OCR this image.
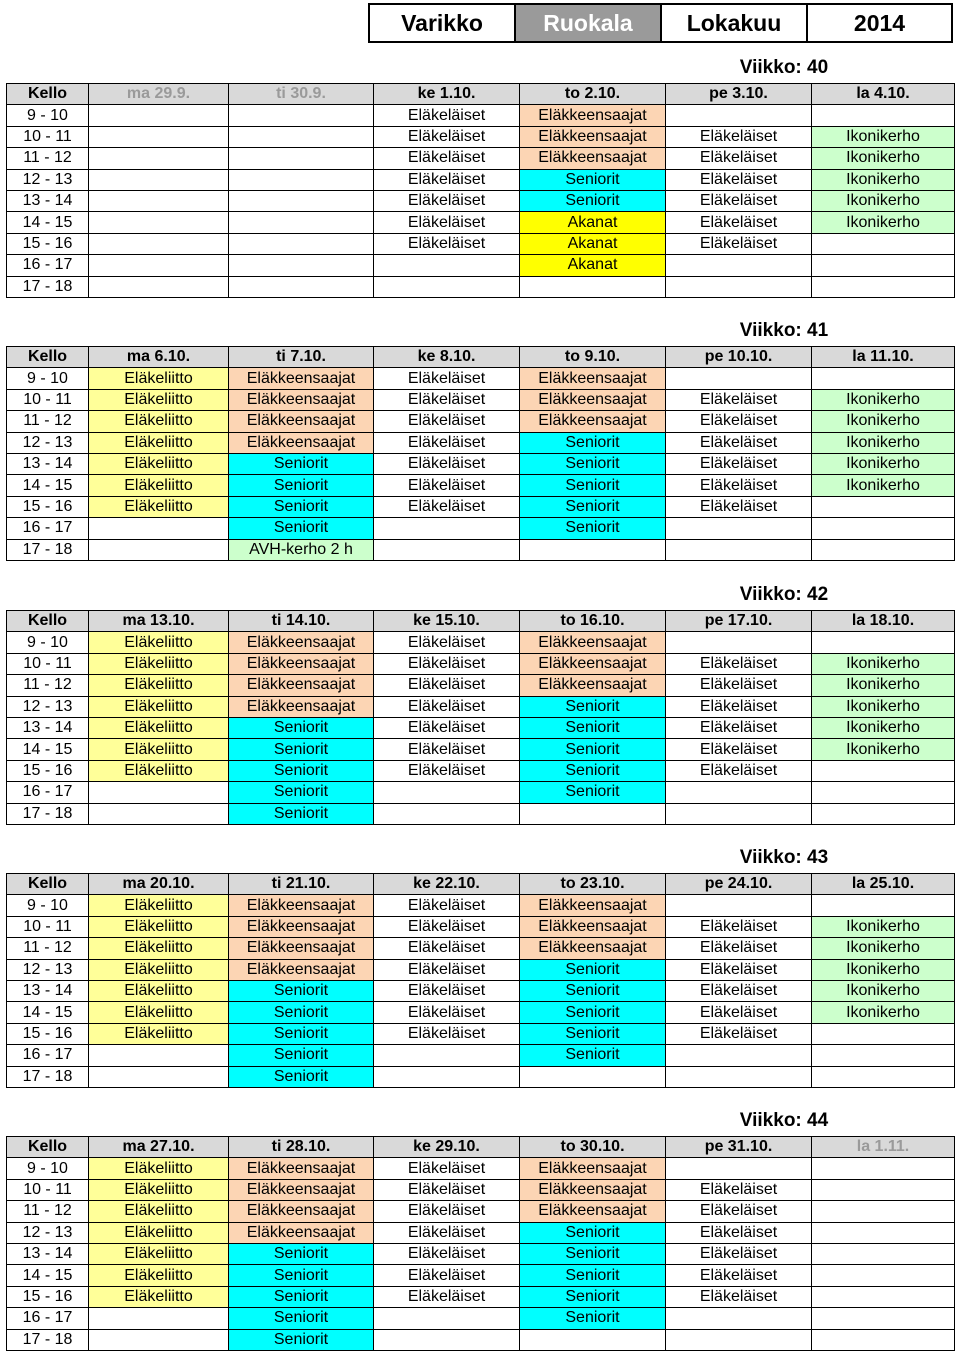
Varikko	Ruokala	Lokakuu	2014
Viikko: 40
Kello	ma 29.9.	ti 30.9.	ke 1.10.	to 2.10.	pe 3.10.	la 4.10.
9 - 10			Eläkeläiset	Eläkkeensaajat		
10 - 11			Eläkeläiset	Eläkkeensaajat	Eläkeläiset	Ikonikerho
11 - 12			Eläkeläiset	Eläkkeensaajat	Eläkeläiset	Ikonikerho
12 - 13			Eläkeläiset	Seniorit	Eläkeläiset	Ikonikerho
13 - 14			Eläkeläiset	Seniorit	Eläkeläiset	Ikonikerho
14 - 15			Eläkeläiset	Akanat	Eläkeläiset	Ikonikerho
15 - 16			Eläkeläiset	Akanat	Eläkeläiset	
16 - 17				Akanat		
17 - 18						
Viikko: 41
Kello	ma 6.10.	ti 7.10.	ke 8.10.	to 9.10.	pe 10.10.	la 11.10.
9 - 10	Eläkeliitto	Eläkkeensaajat	Eläkeläiset	Eläkkeensaajat		
10 - 11	Eläkeliitto	Eläkkeensaajat	Eläkeläiset	Eläkkeensaajat	Eläkeläiset	Ikonikerho
11 - 12	Eläkeliitto	Eläkkeensaajat	Eläkeläiset	Eläkkeensaajat	Eläkeläiset	Ikonikerho
12 - 13	Eläkeliitto	Eläkkeensaajat	Eläkeläiset	Seniorit	Eläkeläiset	Ikonikerho
13 - 14	Eläkeliitto	Seniorit	Eläkeläiset	Seniorit	Eläkeläiset	Ikonikerho
14 - 15	Eläkeliitto	Seniorit	Eläkeläiset	Seniorit	Eläkeläiset	Ikonikerho
15 - 16	Eläkeliitto	Seniorit	Eläkeläiset	Seniorit	Eläkeläiset	
16 - 17		Seniorit		Seniorit		
17 - 18		AVH-kerho 2 h				
Viikko: 42
Kello	ma 13.10.	ti 14.10.	ke 15.10.	to 16.10.	pe 17.10.	la 18.10.
9 - 10	Eläkeliitto	Eläkkeensaajat	Eläkeläiset	Eläkkeensaajat		
10 - 11	Eläkeliitto	Eläkkeensaajat	Eläkeläiset	Eläkkeensaajat	Eläkeläiset	Ikonikerho
11 - 12	Eläkeliitto	Eläkkeensaajat	Eläkeläiset	Eläkkeensaajat	Eläkeläiset	Ikonikerho
12 - 13	Eläkeliitto	Eläkkeensaajat	Eläkeläiset	Seniorit	Eläkeläiset	Ikonikerho
13 - 14	Eläkeliitto	Seniorit	Eläkeläiset	Seniorit	Eläkeläiset	Ikonikerho
14 - 15	Eläkeliitto	Seniorit	Eläkeläiset	Seniorit	Eläkeläiset	Ikonikerho
15 - 16	Eläkeliitto	Seniorit	Eläkeläiset	Seniorit	Eläkeläiset	
16 - 17		Seniorit		Seniorit		
17 - 18		Seniorit				
Viikko: 43
Kello	ma 20.10.	ti 21.10.	ke 22.10.	to 23.10.	pe 24.10.	la 25.10.
9 - 10	Eläkeliitto	Eläkkeensaajat	Eläkeläiset	Eläkkeensaajat		
10 - 11	Eläkeliitto	Eläkkeensaajat	Eläkeläiset	Eläkkeensaajat	Eläkeläiset	Ikonikerho
11 - 12	Eläkeliitto	Eläkkeensaajat	Eläkeläiset	Eläkkeensaajat	Eläkeläiset	Ikonikerho
12 - 13	Eläkeliitto	Eläkkeensaajat	Eläkeläiset	Seniorit	Eläkeläiset	Ikonikerho
13 - 14	Eläkeliitto	Seniorit	Eläkeläiset	Seniorit	Eläkeläiset	Ikonikerho
14 - 15	Eläkeliitto	Seniorit	Eläkeläiset	Seniorit	Eläkeläiset	Ikonikerho
15 - 16	Eläkeliitto	Seniorit	Eläkeläiset	Seniorit	Eläkeläiset	
16 - 17		Seniorit		Seniorit		
17 - 18		Seniorit				
Viikko: 44
Kello	ma 27.10.	ti 28.10.	ke 29.10.	to 30.10.	pe 31.10.	la 1.11.
9 - 10	Eläkeliitto	Eläkkeensaajat	Eläkeläiset	Eläkkeensaajat		
10 - 11	Eläkeliitto	Eläkkeensaajat	Eläkeläiset	Eläkkeensaajat	Eläkeläiset	
11 - 12	Eläkeliitto	Eläkkeensaajat	Eläkeläiset	Eläkkeensaajat	Eläkeläiset	
12 - 13	Eläkeliitto	Eläkkeensaajat	Eläkeläiset	Seniorit	Eläkeläiset	
13 - 14	Eläkeliitto	Seniorit	Eläkeläiset	Seniorit	Eläkeläiset	
14 - 15	Eläkeliitto	Seniorit	Eläkeläiset	Seniorit	Eläkeläiset	
15 - 16	Eläkeliitto	Seniorit	Eläkeläiset	Seniorit	Eläkeläiset	
16 - 17		Seniorit		Seniorit		
17 - 18		Seniorit				
